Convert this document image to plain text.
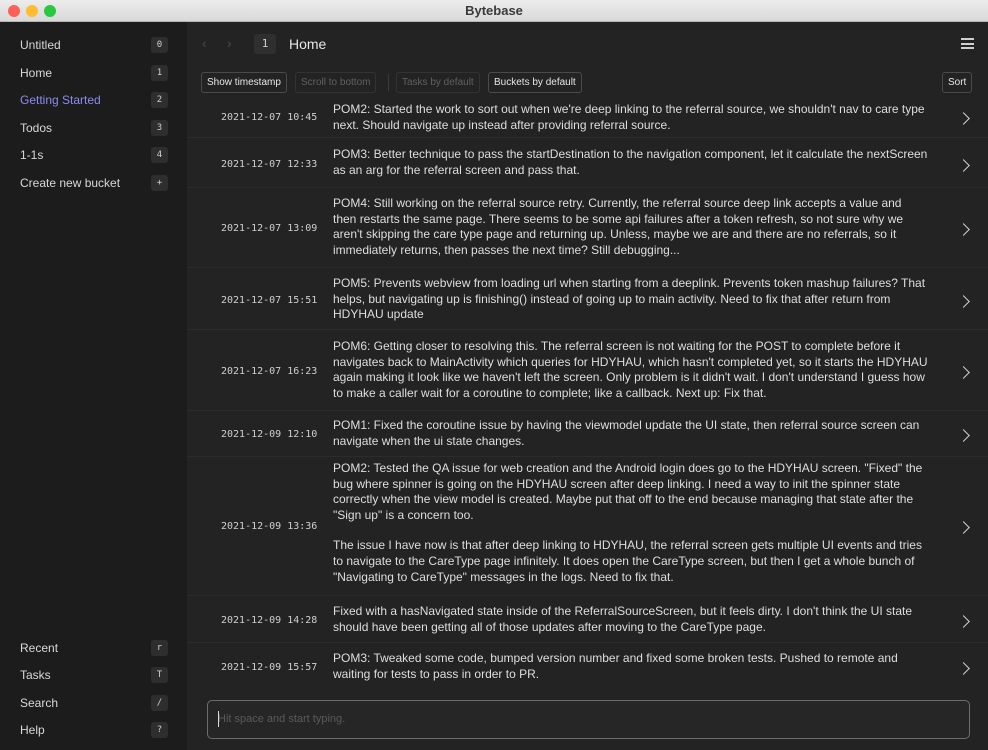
Bytebase
Untitled	0
Home	1
Getting Started	2
Todos	3
1-1s	4
Create new bucket	+
Recent	r
Tasks	T
Search	/
Help	?
‹ ›	1	Home
Show timestamp	Scroll to bottom	Tasks by default	Buckets by default	Sort
2021-12-07 10:45

POM2: Started the work to sort out when we're deep linking to the referral source, we shouldn't nav to care type next. Should navigate up instead after providing referral source.

2021-12-07 12:33

POM3: Better technique to pass the startDestination to the navigation component, let it calculate the nextScreen as an arg for the referral screen and pass that.

2021-12-07 13:09

POM4: Still working on the referral source retry. Currently, the referral source deep link accepts a value and then restarts the same page. There seems to be some api failures after a token refresh, so not sure why we aren't skipping the care type page and returning up. Unless, maybe we are and there are no referrals, so it immediately returns, then passes the next time? Still debugging...

2021-12-07 15:51

POM5: Prevents webview from loading url when starting from a deeplink. Prevents token mashup failures? That helps, but navigating up is finishing() instead of going up to main activity. Need to fix that after return from HDYHAU update

2021-12-07 16:23

POM6: Getting closer to resolving this. The referral screen is not waiting for the POST to complete before it navigates back to MainActivity which queries for HDYHAU, which hasn't completed yet, so it starts the HDYHAU again making it look like we haven't left the screen. Only problem is it didn't wait. I don't understand I guess how to make a caller wait for a coroutine to complete; like a callback. Next up: Fix that.

2021-12-09 12:10

POM1: Fixed the coroutine issue by having the viewmodel update the UI state, then referral source screen can navigate when the ui state changes.

2021-12-09 13:36

POM2: Tested the QA issue for web creation and the Android login does go to the HDYHAU screen. "Fixed" the bug where spinner is going on the HDYHAU screen after deep linking. I need a way to init the spinner state correctly when the view model is created. Maybe put that off to the end because managing that state after the "Sign up" is a concern too.

The issue I have now is that after deep linking to HDYHAU, the referral screen gets multiple UI events and tries to navigate to the CareType page infinitely. It does open the CareType screen, but then I get a whole bunch of "Navigating to CareType" messages in the logs. Need to fix that.

2021-12-09 14:28

Fixed with a hasNavigated state inside of the ReferralSourceScreen, but it feels dirty. I don't think the UI state should have been getting all of those updates after moving to the CareType page.

2021-12-09 15:57

POM3: Tweaked some code, bumped version number and fixed some broken tests. Pushed to remote and waiting for tests to pass in order to PR.

Hit space and start typing.
